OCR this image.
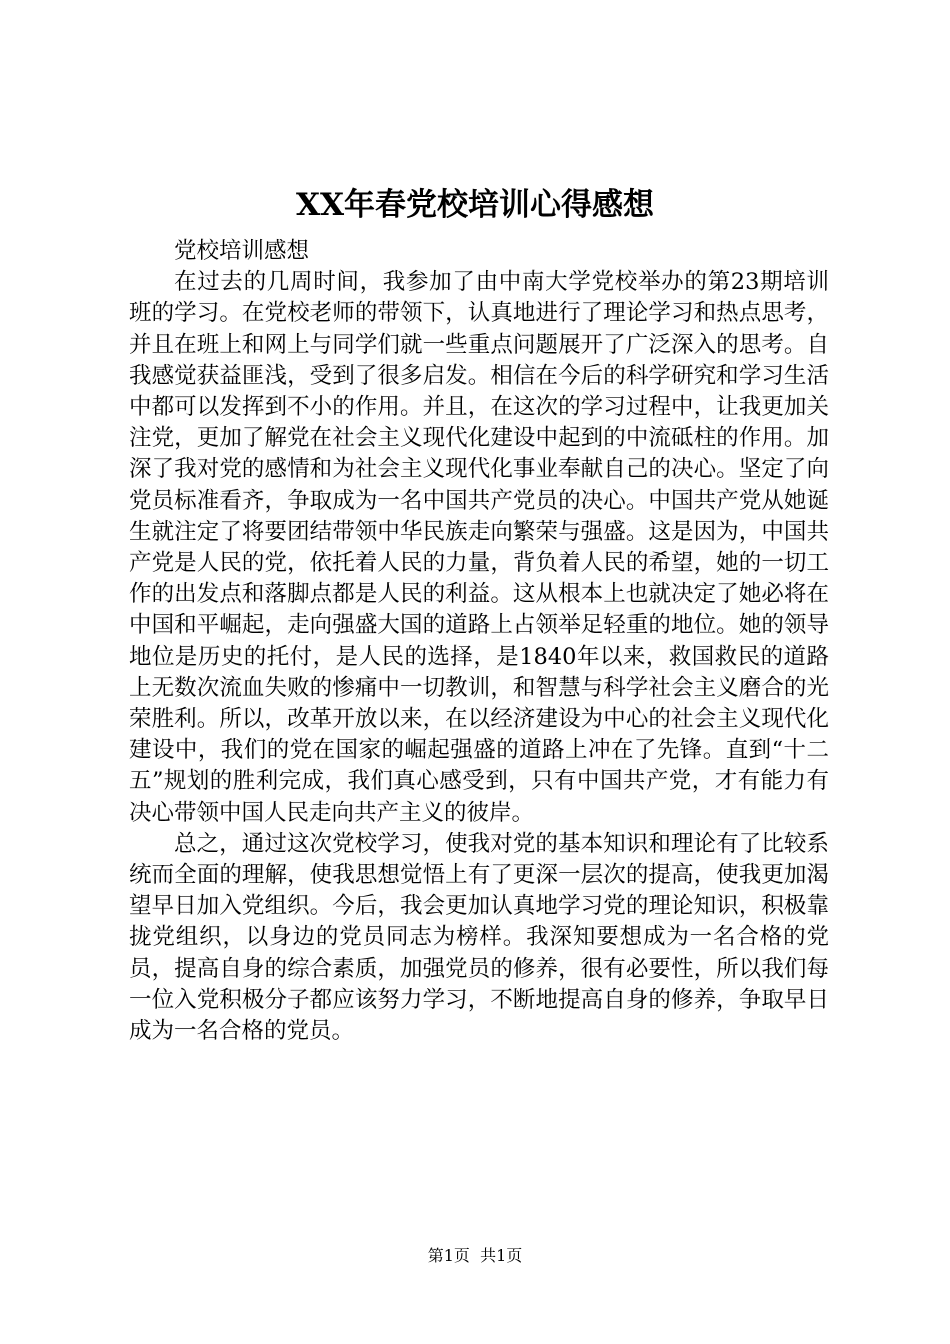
XX年春党校培训心得感想

党校培训感想

在过去的几周时间，我参加了由中南大学党校举办的第23期培训班的学习。在党校老师的带领下，认真地进行了理论学习和热点思考，并且在班上和网上与同学们就一些重点问题展开了广泛深入的思考。自我感觉获益匪浅，受到了很多启发。相信在今后的科学研究和学习生活中都可以发挥到不小的作用。并且，在这次的学习过程中，让我更加关注党，更加了解党在社会主义现代化建设中起到的中流砥柱的作用。加深了我对党的感情和为社会主义现代化事业奉献自己的决心。坚定了向党员标准看齐，争取成为一名中国共产党员的决心。中国共产党从她诞生就注定了将要团结带领中华民族走向繁荣与强盛。这是因为，中国共产党是人民的党，依托着人民的力量，背负着人民的希望，她的一切工作的出发点和落脚点都是人民的利益。这从根本上也就决定了她必将在中国和平崛起，走向强盛大国的道路上占领举足轻重的地位。她的领导地位是历史的托付，是人民的选择，是1840年以来，救国救民的道路上无数次流血失败的惨痛中一切教训，和智慧与科学社会主义磨合的光荣胜利。所以，改革开放以来，在以经济建设为中心的社会主义现代化建设中，我们的党在国家的崛起强盛的道路上冲在了先锋。直到“十二五”规划的胜利完成，我们真心感受到，只有中国共产党，才有能力有决心带领中国人民走向共产主义的彼岸。

总之，通过这次党校学习，使我对党的基本知识和理论有了比较系统而全面的理解，使我思想觉悟上有了更深一层次的提高，使我更加渴望早日加入党组织。今后，我会更加认真地学习党的理论知识，积极靠拢党组织，以身边的党员同志为榜样。我深知要想成为一名合格的党员，提高自身的综合素质，加强党员的修养，很有必要性，所以我们每一位入党积极分子都应该努力学习，不断地提高自身的修养，争取早日成为一名合格的党员。

第1页 共1页
